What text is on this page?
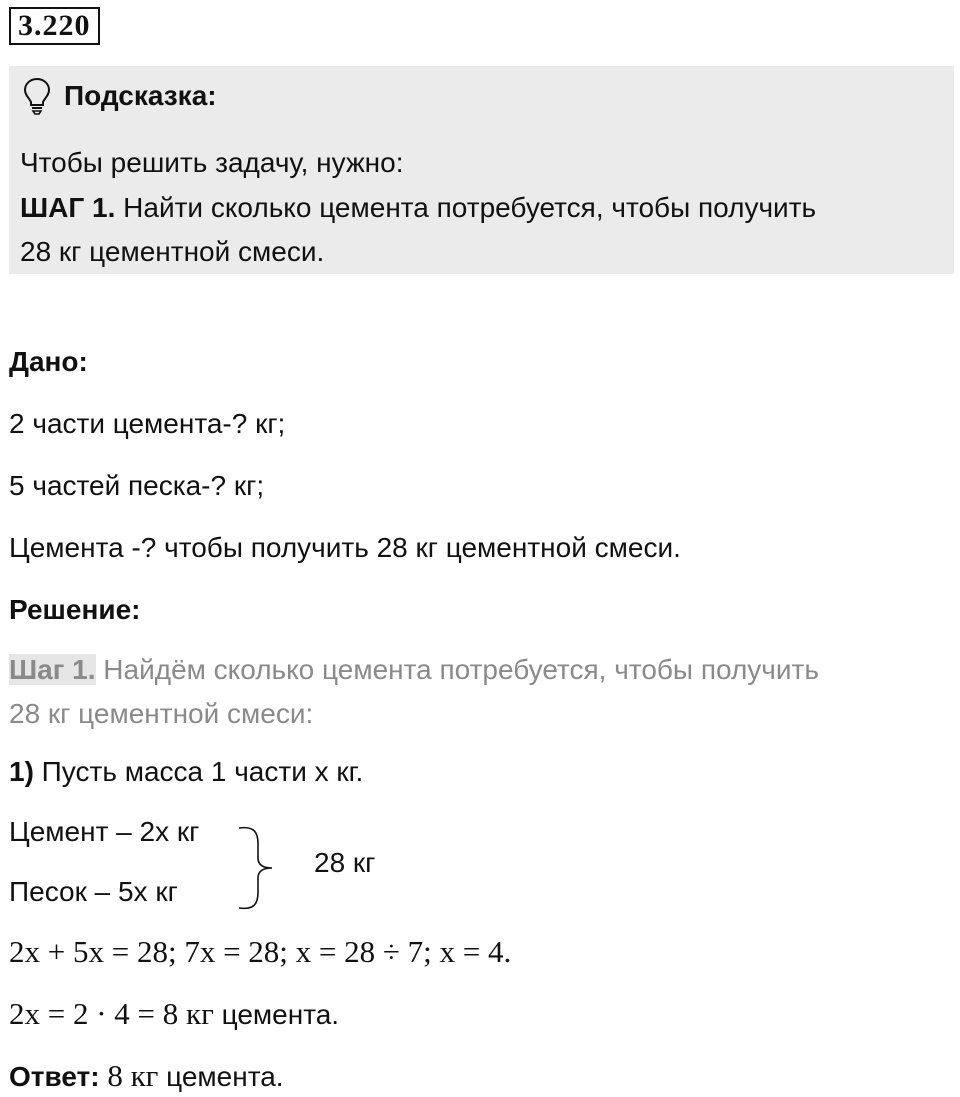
3.220
Подсказка:
Чтобы решить задачу, нужно:
ШАГ 1. Найти сколько цемента потребуется, чтобы получить
28 кг цементной смеси.
Дано:
2 части цемента-? кг;
5 частей песка-? кг;
Цемента -? чтобы получить 28 кг цементной смеси.
Решение:
Шаг 1. Найдём сколько цемента потребуется, чтобы получить
28 кг цементной смеси:
1) Пусть масса 1 части x кг.
Цемент – 2x кг
Песок – 5x кг
28 кг
2x + 5x = 28; 7x = 28; x = 28 ÷ 7; x = 4.
2x = 2 · 4 = 8 кг цемента.
Ответ: 8 кг цемента.
